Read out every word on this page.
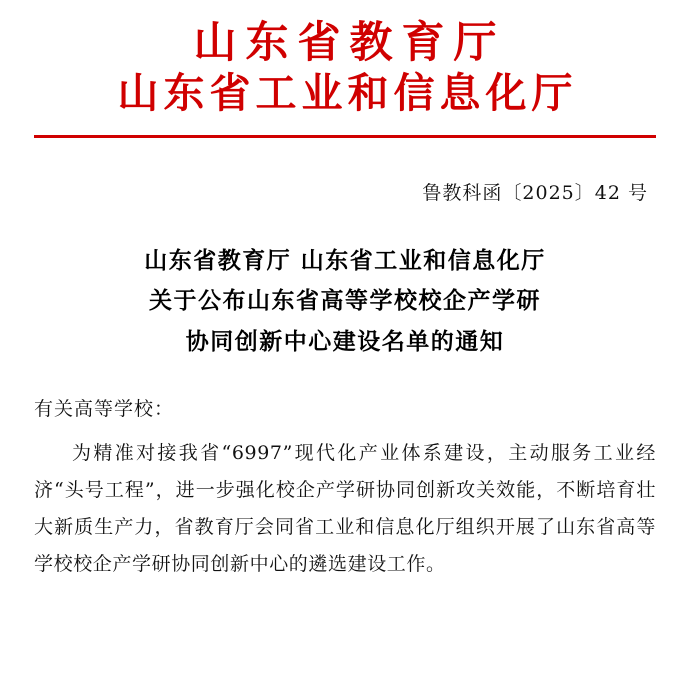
山东省教育厅
山东省工业和信息化厅
鲁教科函〔2025〕42 号
山东省教育厅 山东省工业和信息化厅
关于公布山东省高等学校校企产学研
协同创新中心建设名单的通知
有关高等学校：
为精准对接我省“6997”现代化产业体系建设，主动服务工业经济“头号工程”，进一步强化校企产学研协同创新攻关效能，不断培育壮大新质生产力，省教育厅会同省工业和信息化厅组织开展了山东省高等学校校企产学研协同创新中心的遴选建设工作。
